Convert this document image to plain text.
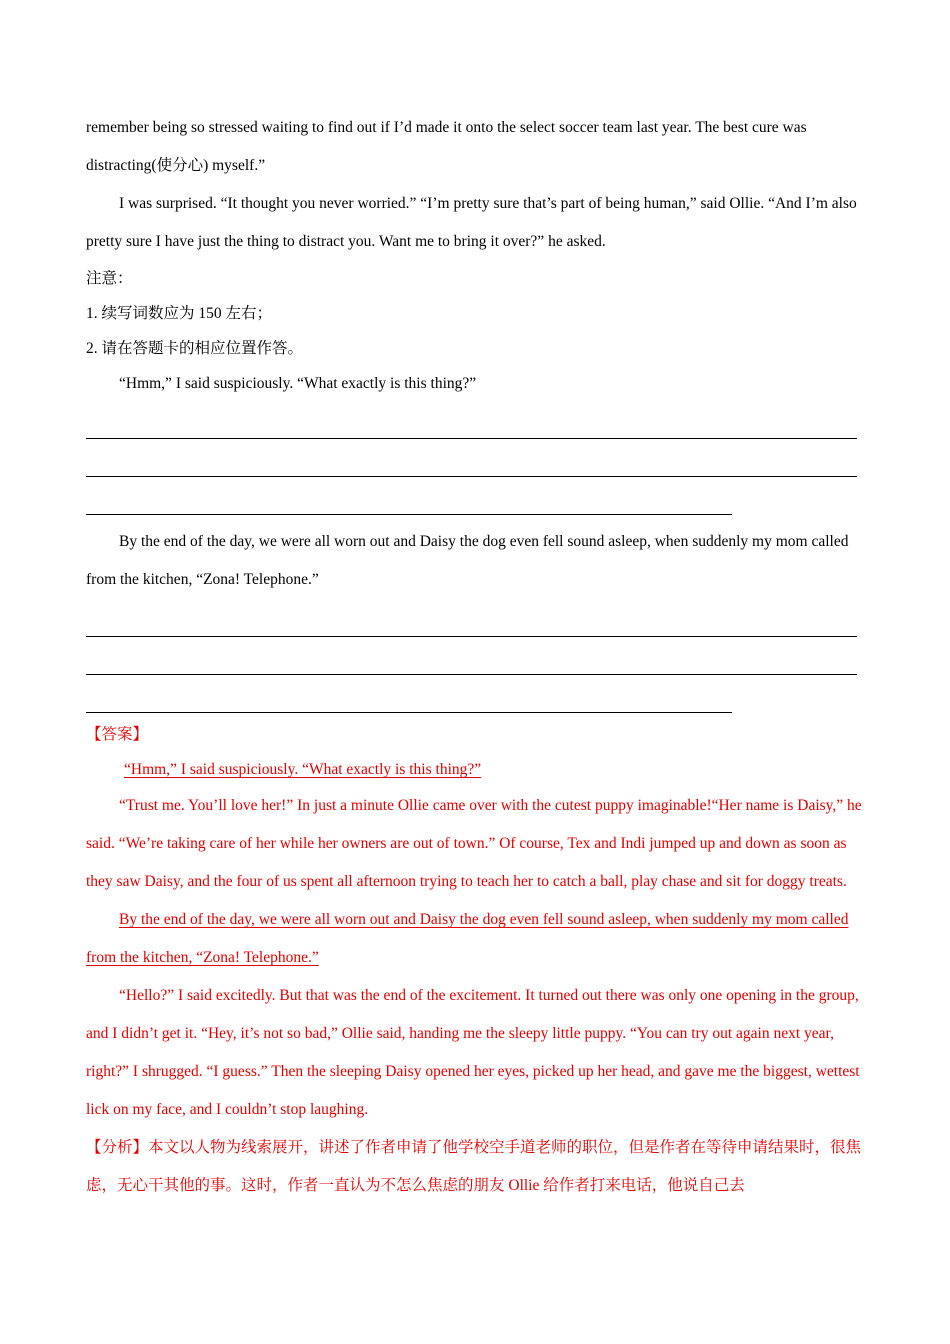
remember being so stressed waiting to find out if I’d made it onto the select soccer team last year. The best cure was distracting(使分心) myself.”

I was surprised. “It thought you never worried.” “I’m pretty sure that’s part of being human,” said Ollie. “And I’m also pretty sure I have just the thing to distract you. Want me to bring it over?” he asked.

注意：

1. 续写词数应为 150 左右；

2. 请在答题卡的相应位置作答。

“Hmm,” I said suspiciously. “What exactly is this thing?”

By the end of the day, we were all worn out and Daisy the dog even fell sound asleep, when suddenly my mom called from the kitchen, “Zona! Telephone.”

【答案】

“Hmm,” I said suspiciously. “What exactly is this thing?”

“Trust me. You’ll love her!” In just a minute Ollie came over with the cutest puppy imaginable!“Her name is Daisy,” he said. “We’re taking care of her while her owners are out of town.” Of course, Tex and Indi jumped up and down as soon as they saw Daisy, and the four of us spent all afternoon trying to teach her to catch a ball, play chase and sit for doggy treats.

By the end of the day, we were all worn out and Daisy the dog even fell sound asleep, when suddenly my mom called from the kitchen, “Zona! Telephone.”

“Hello?” I said excitedly. But that was the end of the excitement. It turned out there was only one opening in the group, and I didn’t get it. “Hey, it’s not so bad,” Ollie said, handing me the sleepy little puppy. “You can try out again next year, right?” I shrugged. “I guess.” Then the sleeping Daisy opened her eyes, picked up her head, and gave me the biggest, wettest lick on my face, and I couldn’t stop laughing.

【分析】本文以人物为线索展开，讲述了作者申请了他学校空手道老师的职位，但是作者在等待申请结果时，很焦虑，无心干其他的事。这时，作者一直认为不怎么焦虑的朋友 Ollie 给作者打来电话，他说自己去
